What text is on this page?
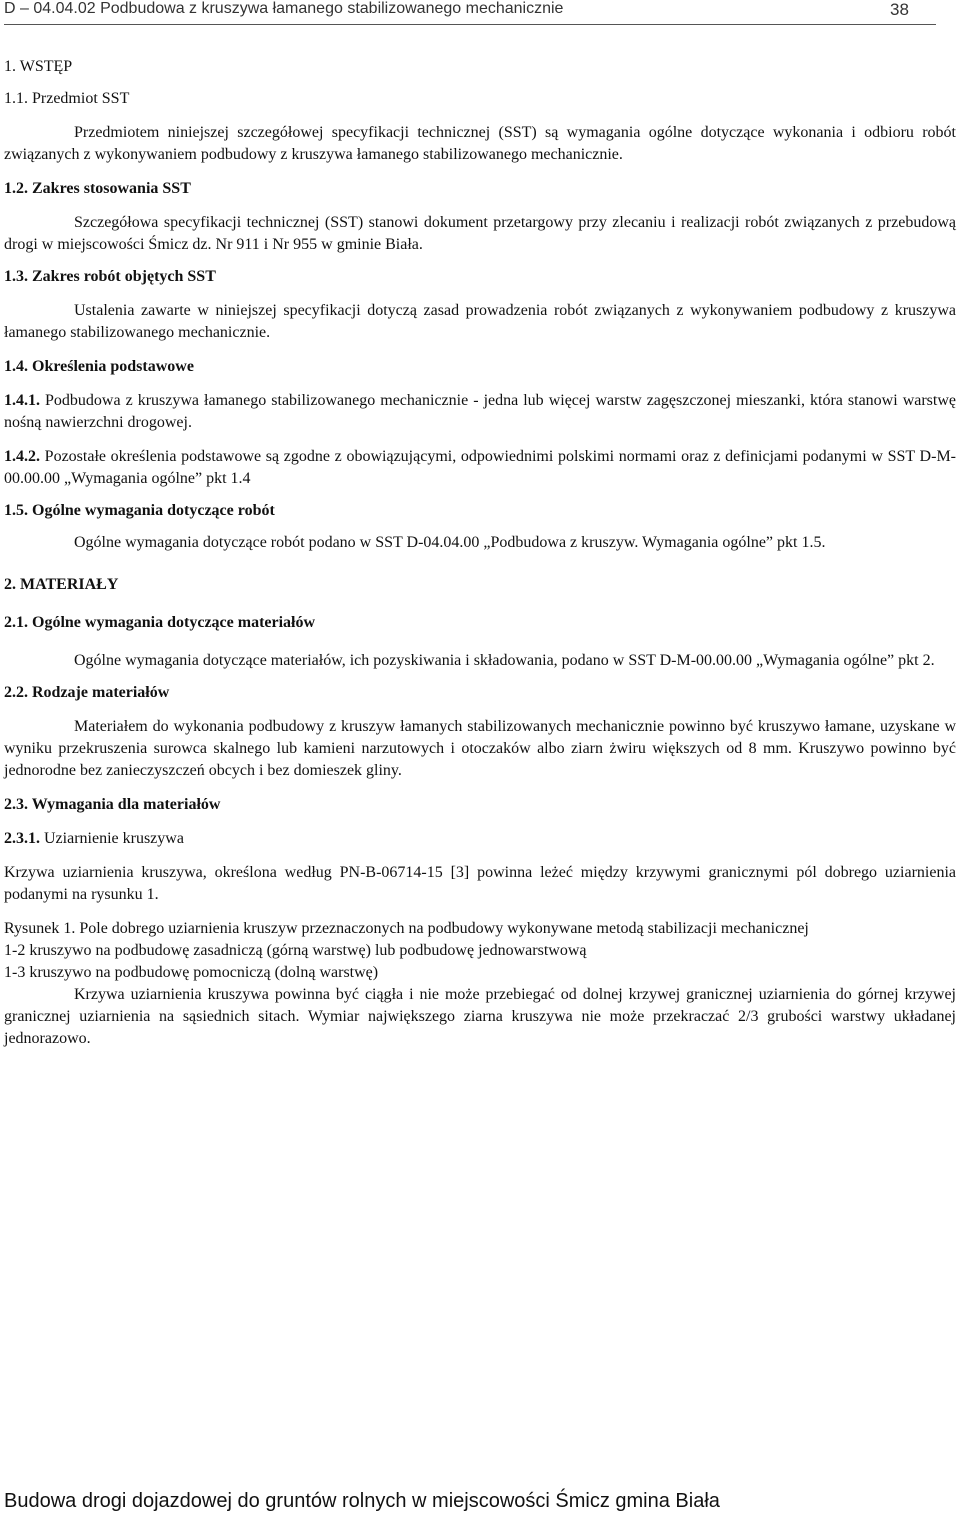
D – 04.04.02 Podbudowa z kruszywa łamanego stabilizowanego mechanicznie	38

1. WSTĘP

1.1. Przedmiot SST

Przedmiotem niniejszej szczegółowej specyfikacji technicznej (SST) są wymagania ogólne dotyczące wykonania i odbioru robót związanych z wykonywaniem podbudowy z kruszywa łamanego stabilizowanego mechanicznie.

1.2. Zakres stosowania SST

Szczegółowa specyfikacji technicznej (SST) stanowi dokument przetargowy przy zlecaniu i realizacji robót związanych z przebudową drogi w miejscowości Śmicz dz. Nr 911 i Nr 955 w gminie Biała.

1.3. Zakres robót objętych SST

Ustalenia zawarte w niniejszej specyfikacji dotyczą zasad prowadzenia robót związanych z wykonywaniem podbudowy z kruszywa łamanego stabilizowanego mechanicznie.

1.4. Określenia podstawowe

1.4.1. Podbudowa z kruszywa łamanego stabilizowanego mechanicznie - jedna lub więcej warstw zagęszczonej mieszanki, która stanowi warstwę nośną nawierzchni drogowej.

1.4.2. Pozostałe określenia podstawowe są zgodne z obowiązującymi, odpowiednimi polskimi normami oraz z definicjami podanymi w SST D-M-00.00.00 „Wymagania ogólne” pkt 1.4

1.5. Ogólne wymagania dotyczące robót

Ogólne wymagania dotyczące robót podano w SST D-04.04.00 „Podbudowa z kruszyw. Wymagania ogólne” pkt 1.5.

2. MATERIAŁY

2.1. Ogólne wymagania dotyczące materiałów

Ogólne wymagania dotyczące materiałów, ich pozyskiwania i składowania, podano w SST D-M-00.00.00 „Wymagania ogólne” pkt 2.

2.2. Rodzaje materiałów

Materiałem do wykonania podbudowy z kruszyw łamanych stabilizowanych mechanicznie powinno być kruszywo łamane, uzyskane w wyniku przekruszenia surowca skalnego lub kamieni narzutowych i otoczaków albo ziarn żwiru większych od 8 mm. Kruszywo powinno być jednorodne bez zanieczyszczeń obcych i bez domieszek gliny.

2.3. Wymagania dla materiałów

2.3.1. Uziarnienie kruszywa

Krzywa uziarnienia kruszywa, określona według PN-B-06714-15 [3] powinna leżeć między krzywymi granicznymi pól dobrego uziarnienia podanymi na rysunku 1.

Rysunek 1. Pole dobrego uziarnienia kruszyw przeznaczonych na podbudowy wykonywane metodą stabilizacji mechanicznej

1-2 kruszywo na podbudowę zasadniczą (górną warstwę) lub podbudowę jednowarstwową

1-3 kruszywo na podbudowę pomocniczą (dolną warstwę)

Krzywa uziarnienia kruszywa powinna być ciągła i nie może przebiegać od dolnej krzywej granicznej uziarnienia do górnej krzywej granicznej uziarnienia na sąsiednich sitach. Wymiar największego ziarna kruszywa nie może przekraczać 2/3 grubości warstwy układanej jednorazowo.

Budowa drogi dojazdowej do gruntów rolnych w miejscowości Śmicz gmina Biała
